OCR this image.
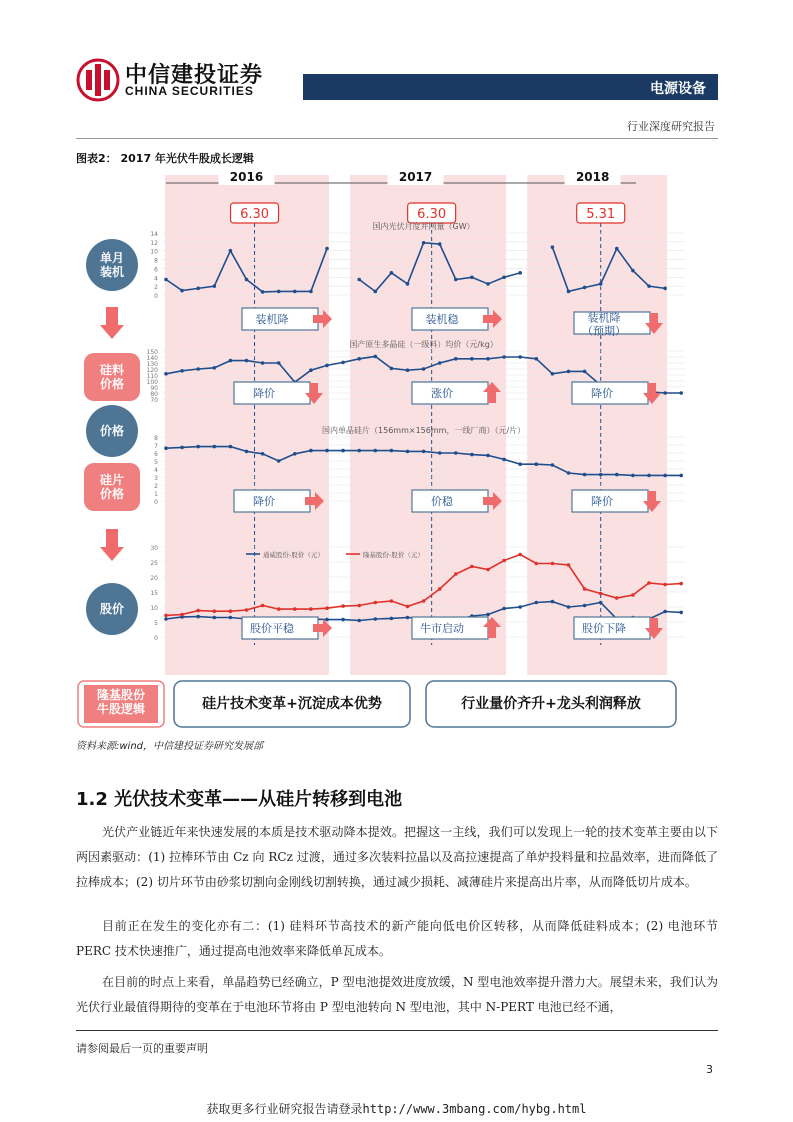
中信建投证券
CHINA SECURITIES	电源设备
行业深度研究报告
图表2： 2017 年光伏牛股成长逻辑
2016	2017	2018
6.30	6.30	5.31
单月装机
硅料价格
价格
硅片价格
股价
0
2
4
6
8
10
12
14
国内光伏月度并网量（GW）
70
80
90
100
110
120
130
140
150
国产原生多晶硅（一级料）均价（元/kg）
0
1
2
3
4
5
6
7
8
国内单晶硅片（156mm×156mm，一线厂商）（元/片）
0
5
10
15
20
25
30
通威股份-股价（元）	隆基股份-股价（元）
装机降	装机稳	装机降（预期）
降价	涨价	降价
降价	价稳	降价
股价平稳	牛市启动	股价下降
隆基股份牛股逻辑	硅片技术变革+沉淀成本优势	行业量价齐升+龙头利润释放
资料来源:wind，中信建投证券研究发展部
1.2 光伏技术变革——从硅片转移到电池
光伏产业链近年来快速发展的本质是技术驱动降本提效。把握这一主线，我们可以发现上一轮的技术变革主要由以下两因素驱动：(1) 拉棒环节由 Cz 向 RCz 过渡，通过多次装料拉晶以及高拉速提高了单炉投料量和拉晶效率，进而降低了拉棒成本；(2) 切片环节由砂浆切割向金刚线切割转换，通过减少损耗、减薄硅片来提高出片率，从而降低切片成本。
目前正在发生的变化亦有二：(1) 硅料环节高技术的新产能向低电价区转移，从而降低硅料成本；(2) 电池环节 PERC 技术快速推广，通过提高电池效率来降低单瓦成本。
在目前的时点上来看，单晶趋势已经确立，P 型电池提效进度放缓，N 型电池效率提升潜力大。展望未来，我们认为光伏行业最值得期待的变革在于电池环节将由 P 型电池转向 N 型电池，其中 N-PERT 电池已经不通，
请参阅最后一页的重要声明
3
获取更多行业研究报告请登录http://www.3mbang.com/hybg.html
